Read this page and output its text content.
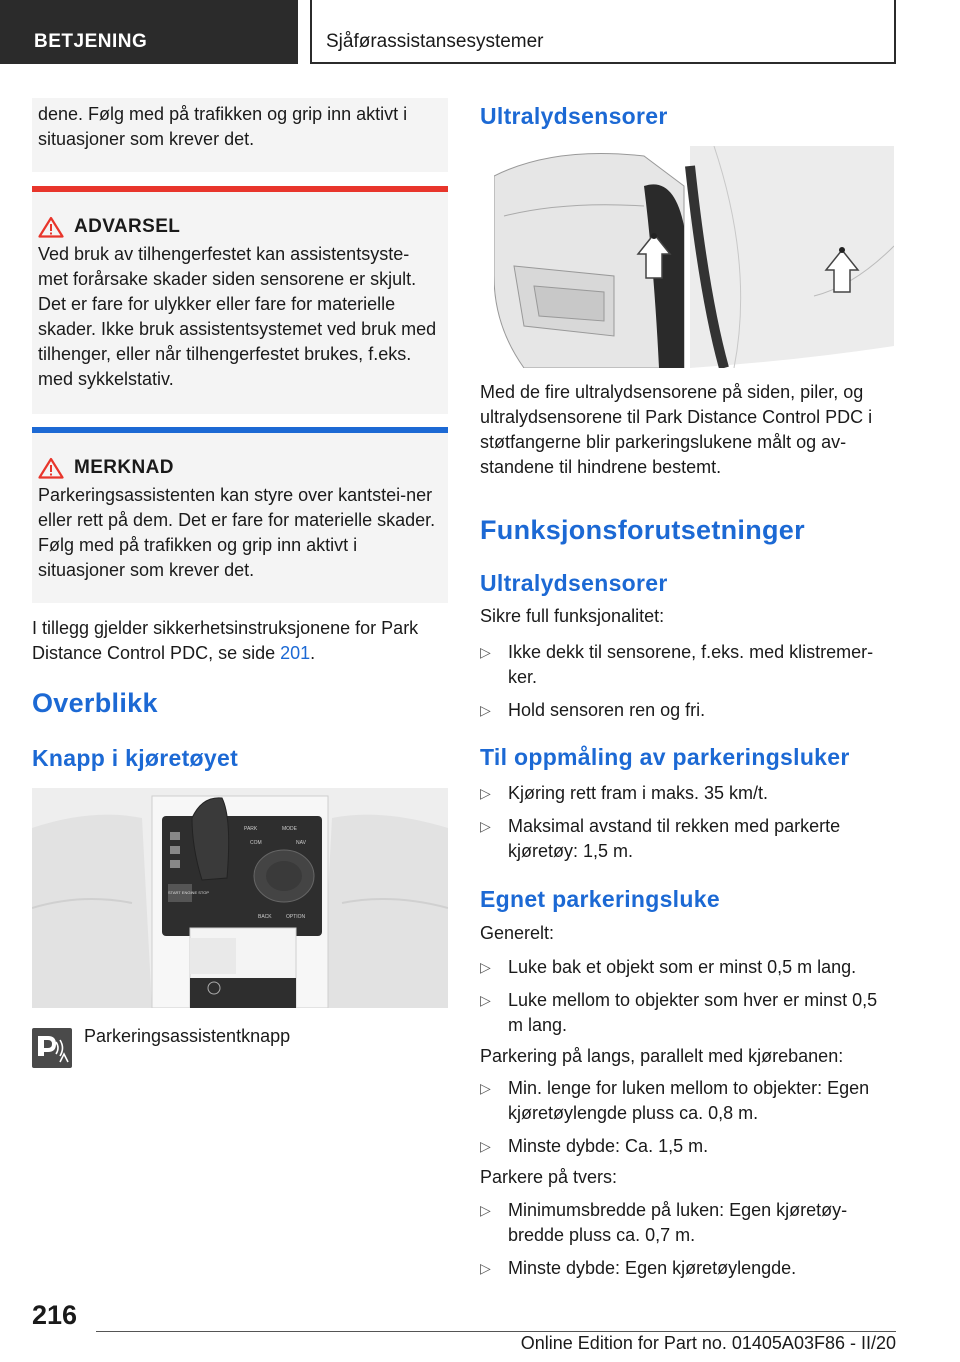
BETJENING	Sjåførassistansesystemer

dene. Følg med på trafikken og grip inn aktivt i situasjoner som krever det.

ADVARSEL

Ved bruk av tilhengerfestet kan assistentsyste-met forårsake skader siden sensorene er skjult. Det er fare for ulykker eller fare for materielle skader. Ikke bruk assistentsystemet ved bruk med tilhenger, eller når tilhengerfestet brukes, f.eks. med sykkelstativ.

MERKNAD

Parkeringsassistenten kan styre over kantstei-ner eller rett på dem. Det er fare for materielle skader. Følg med på trafikken og grip inn aktivt i situasjoner som krever det.

I tillegg gjelder sikkerhetsinstruksjonene for Park Distance Control PDC, se side 201.

Overblikk
Knapp i kjøretøyet
PARK	MODE
COM	NAV
BACK	OPTION
START ENGINE STOP
Parkeringsassistentknapp
Ultralydsensorer

Med de fire ultralydsensorene på siden, piler, og ultralydsensorene til Park Distance Control PDC i støtfangerne blir parkeringslukene målt og av-standene til hindrene bestemt.

Funksjonsforutsetninger
Ultralydsensorer

Sikre full funksjonalitet:

▷ Ikke dekk til sensorene, f.eks. med klistremer-ker.
▷ Hold sensoren ren og fri.
Til oppmåling av parkeringsluker
▷ Kjøring rett fram i maks. 35 km/t.
▷ Maksimal avstand til rekken med parkerte kjøretøy: 1,5 m.
Egnet parkeringsluke

Generelt:

▷ Luke bak et objekt som er minst 0,5 m lang.
▷ Luke mellom to objekter som hver er minst 0,5 m lang.

Parkering på langs, parallelt med kjørebanen:

▷ Min. lenge for luken mellom to objekter: Egen kjøretøylengde pluss ca. 0,8 m.
▷ Minste dybde: Ca. 1,5 m.

Parkere på tvers:

▷ Minimumsbredde på luken: Egen kjøretøy-bredde pluss ca. 0,7 m.
▷ Minste dybde: Egen kjøretøylengde.
216
Online Edition for Part no. 01405A03F86 - II/20
